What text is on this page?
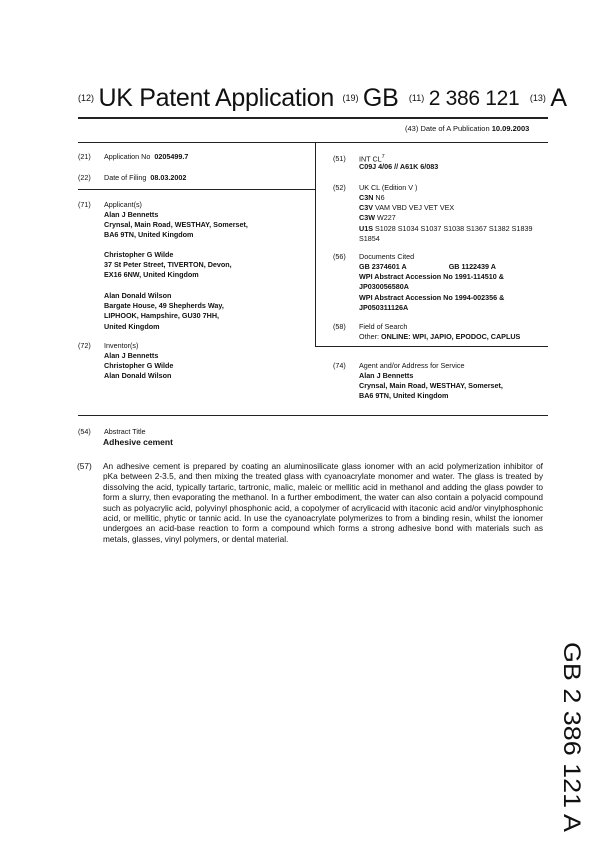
(12) UK Patent Application (19) GB (11) 2 386 121 (13) A
(43) Date of A Publication 10.09.2003
(21) Application No 0205499.7
(22) Date of Filing 08.03.2002
(71) Applicant(s)
Alan J Bennetts
Crynsal, Main Road, WESTHAY, Somerset,
BA6 9TN, United Kingdom
Christopher G Wilde
37 St Peter Street, TIVERTON, Devon,
EX16 6NW, United Kingdom
Alan Donald Wilson
Bargate House, 49 Shepherds Way,
LIPHOOK, Hampshire, GU30 7HH,
United Kingdom
(72) Inventor(s)
Alan J Bennetts
Christopher G Wilde
Alan Donald Wilson
(51) INT $CL^7$
C09J 4/06 // A61K 6/083
(52) UK CL (Edition V )
C3N N6
C3V VAM VBD VEJ VET VEX
C3W W227
U1S S1028 S1034 S1037 S1038 S1367 S1382 S1839
S1854
(56) Documents Cited
GB 2374601 A	GB 1122439 A
WPI Abstract Accession No 1991-114510 &
JP030056580A
WPI Abstract Accession No 1994-002356 &
JP050311126A
(58) Field of Search
Other: ONLINE: WPI, JAPIO, EPODOC, CAPLUS
(74) Agent and/or Address for Service
Alan J Bennetts
Crynsal, Main Road, WESTHAY, Somerset,
BA6 9TN, United Kingdom
(54) Abstract Title
Adhesive cement
(57) An adhesive cement is prepared by coating an aluminosilicate glass ionomer with an acid polymerization inhibitor of pKa between 2-3.5, and then mixing the treated glass with cyanoacrylate monomer and water. The glass is treated by dissolving the acid, typically tartaric, tartronic, malic, maleic or mellitic acid in methanol and adding the glass powder to form a slurry, then evaporating the methanol. In a further embodiment, the water can also contain a polyacid compound such as polyacrylic acid, polyvinyl phosphonic acid, a copolymer of acrylicacid with itaconic acid and/or vinylphosphonic acid, or mellitic, phytic or tannic acid. In use the cyanoacrylate polymerizes to from a binding resin, whilst the ionomer undergoes an acid-base reaction to form a compound which forms a strong adhesive bond with materials such as metals, glasses, vinyl polymers, or dental material.
GB 2 386 121 A
